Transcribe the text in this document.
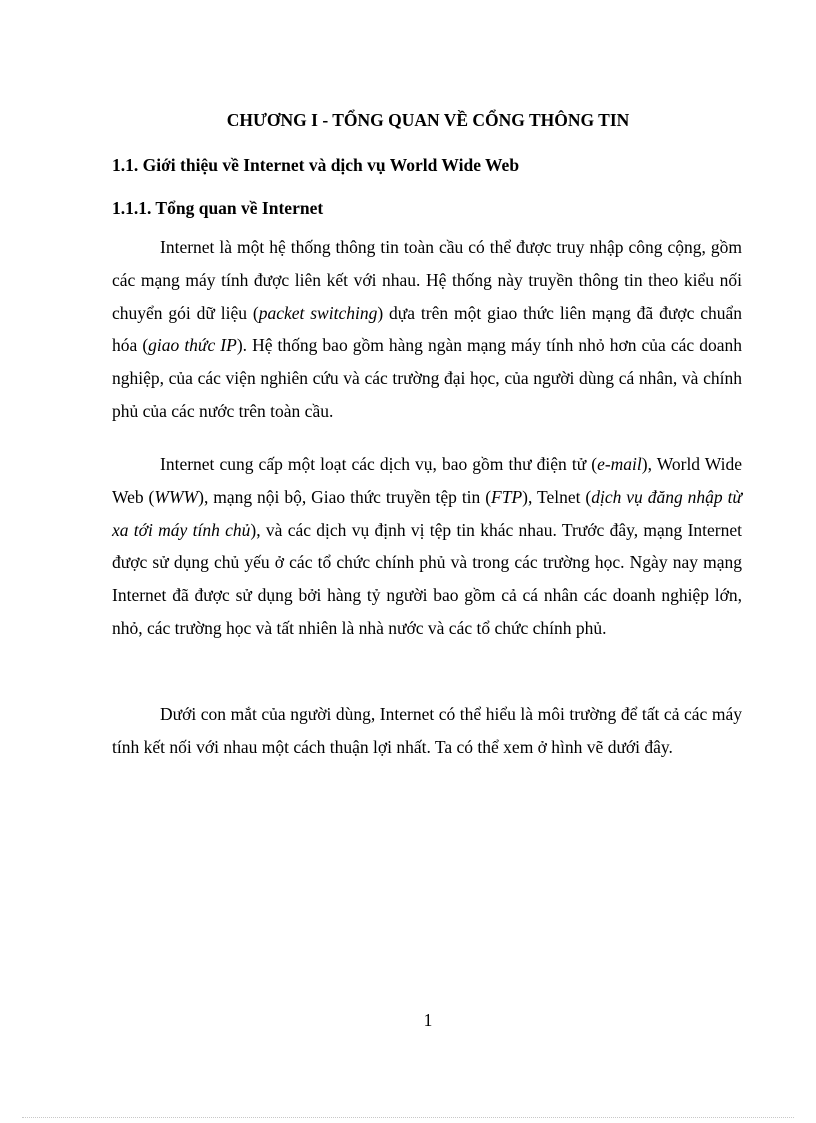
CHƯƠNG I - TỔNG QUAN VỀ CỔNG THÔNG TIN
1.1. Giới thiệu về Internet và dịch vụ World Wide Web
1.1.1. Tổng quan về Internet

Internet là một hệ thống thông tin toàn cầu có thể được truy nhập công cộng, gồm các mạng máy tính được liên kết với nhau. Hệ thống này truyền thông tin theo kiểu nối chuyển gói dữ liệu (packet switching) dựa trên một giao thức liên mạng đã được chuẩn hóa (giao thức IP). Hệ thống bao gồm hàng ngàn mạng máy tính nhỏ hơn của các doanh nghiệp, của các viện nghiên cứu và các trường đại học, của người dùng cá nhân, và chính phủ của các nước trên toàn cầu.

Internet cung cấp một loạt các dịch vụ, bao gồm thư điện tử (e-mail), World Wide Web (WWW), mạng nội bộ, Giao thức truyền tệp tin (FTP), Telnet (dịch vụ đăng nhập từ xa tới máy tính chủ), và các dịch vụ định vị tệp tin khác nhau. Trước đây, mạng Internet được sử dụng chủ yếu ở các tổ chức chính phủ và trong các trường học. Ngày nay mạng Internet đã được sử dụng bởi hàng tỷ người bao gồm cả cá nhân các doanh nghiệp lớn, nhỏ, các trường học và tất nhiên là nhà nước và các tổ chức chính phủ.

Dưới con mắt của người dùng, Internet có thể hiểu là môi trường để tất cả các máy tính kết nối với nhau một cách thuận lợi nhất. Ta có thể xem ở hình vẽ dưới đây.

1
